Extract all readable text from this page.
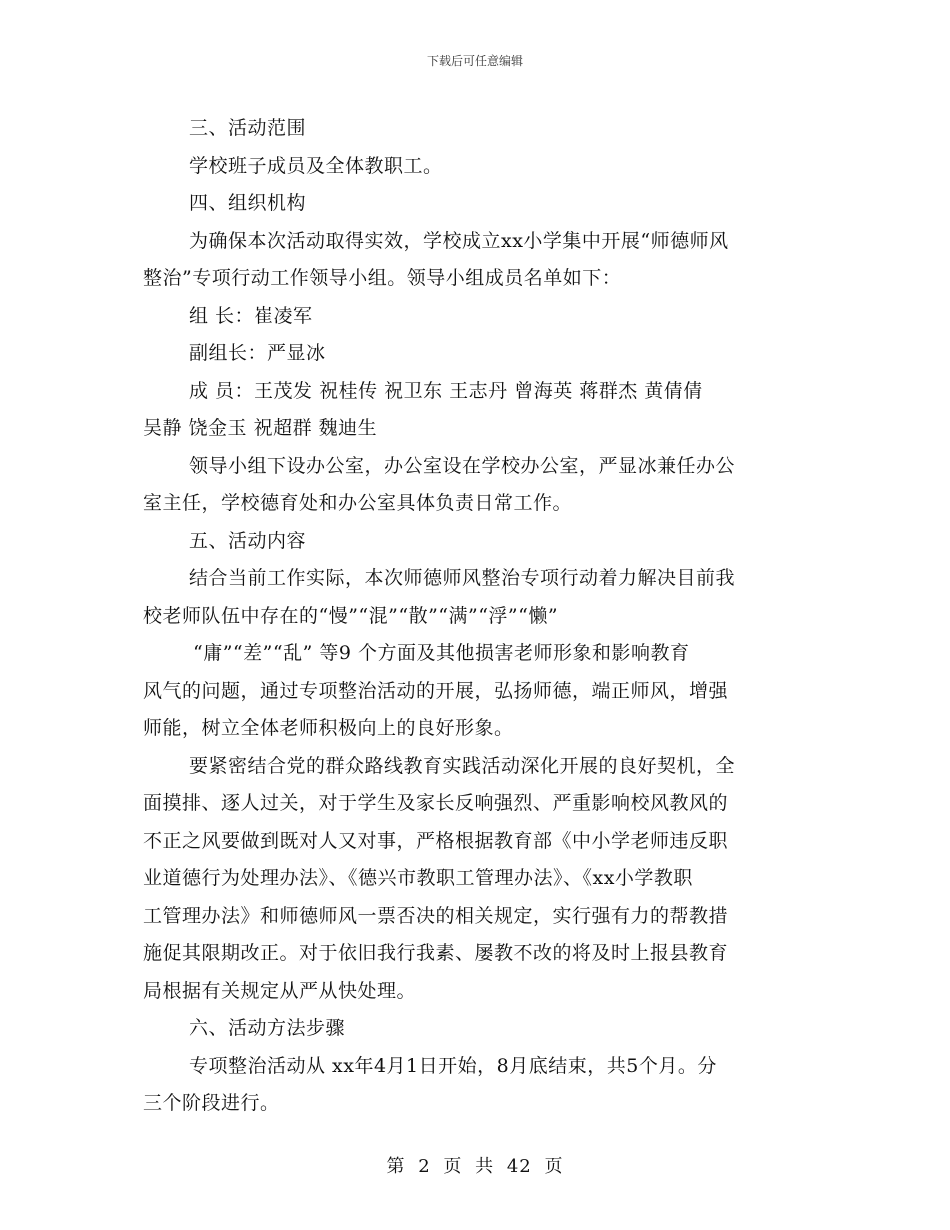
下载后可任意编辑
三、活动范围
学校班子成员及全体教职工。
四、组织机构
为确保本次活动取得实效，学校成立xx小学集中开展“师德师风
整治”专项行动工作领导小组。领导小组成员名单如下：
组 长：崔凌军
副组长：严显冰
成 员：王茂发 祝桂传 祝卫东 王志丹 曾海英 蒋群杰 黄倩倩
吴静 饶金玉 祝超群 魏迪生
领导小组下设办公室，办公室设在学校办公室，严显冰兼任办公
室主任，学校德育处和办公室具体负责日常工作。
五、活动内容
结合当前工作实际，本次师德师风整治专项行动着力解决目前我
校老师队伍中存在的“慢”“混”“散”“满”“浮”“懒”
“庸”“差”“乱” 等9 个方面及其他损害老师形象和影响教育
风气的问题，通过专项整治活动的开展，弘扬师德，端正师风，增强
师能，树立全体老师积极向上的良好形象。
要紧密结合党的群众路线教育实践活动深化开展的良好契机，全
面摸排、逐人过关，对于学生及家长反响强烈、严重影响校风教风的
不正之风要做到既对人又对事，严格根据教育部《中小学老师违反职
业道德行为处理办法》、《德兴市教职工管理办法》、《xx小学教职
工管理办法》和师德师风一票否决的相关规定，实行强有力的帮教措
施促其限期改正。对于依旧我行我素、屡教不改的将及时上报县教育
局根据有关规定从严从快处理。
六、活动方法步骤
专项整治活动从 xx年4月1日开始，8月底结束，共5个月。分
三个阶段进行。
第 2 页 共 42 页
